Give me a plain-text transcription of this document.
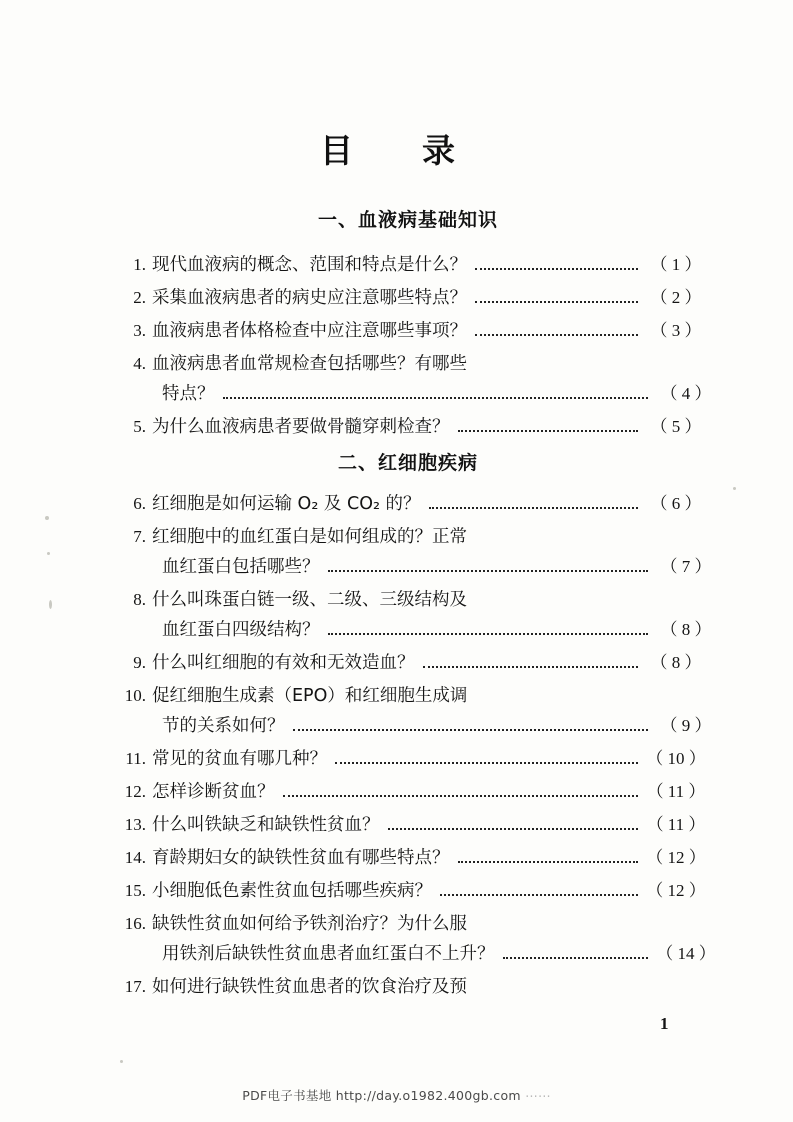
目　录
一、血液病基础知识
1. 现代血液病的概念、范围和特点是什么？	（ 1 ）
2. 采集血液病患者的病史应注意哪些特点？	（ 2 ）
3. 血液病患者体格检查中应注意哪些事项？	（ 3 ）
4. 血液病患者血常规检查包括哪些？有哪些
特点？	（ 4 ）
5. 为什么血液病患者要做骨髓穿刺检查？	（ 5 ）
二、红细胞疾病
6. 红细胞是如何运输 O₂ 及 CO₂ 的？	（ 6 ）
7. 红细胞中的血红蛋白是如何组成的？正常
血红蛋白包括哪些？	（ 7 ）
8. 什么叫珠蛋白链一级、二级、三级结构及
血红蛋白四级结构？	（ 8 ）
9. 什么叫红细胞的有效和无效造血？	（ 8 ）
10. 促红细胞生成素（EPO）和红细胞生成调
节的关系如何？	（ 9 ）
11. 常见的贫血有哪几种？	（ 10 ）
12. 怎样诊断贫血？	（ 11 ）
13. 什么叫铁缺乏和缺铁性贫血？	（ 11 ）
14. 育龄期妇女的缺铁性贫血有哪些特点？	（ 12 ）
15. 小细胞低色素性贫血包括哪些疾病？	（ 12 ）
16. 缺铁性贫血如何给予铁剂治疗？为什么服
用铁剂后缺铁性贫血患者血红蛋白不上升？	（ 14 ）
17. 如何进行缺铁性贫血患者的饮食治疗及预
1
PDF电子书基地 http://day.o1982.400gb.com ⋯⋯
